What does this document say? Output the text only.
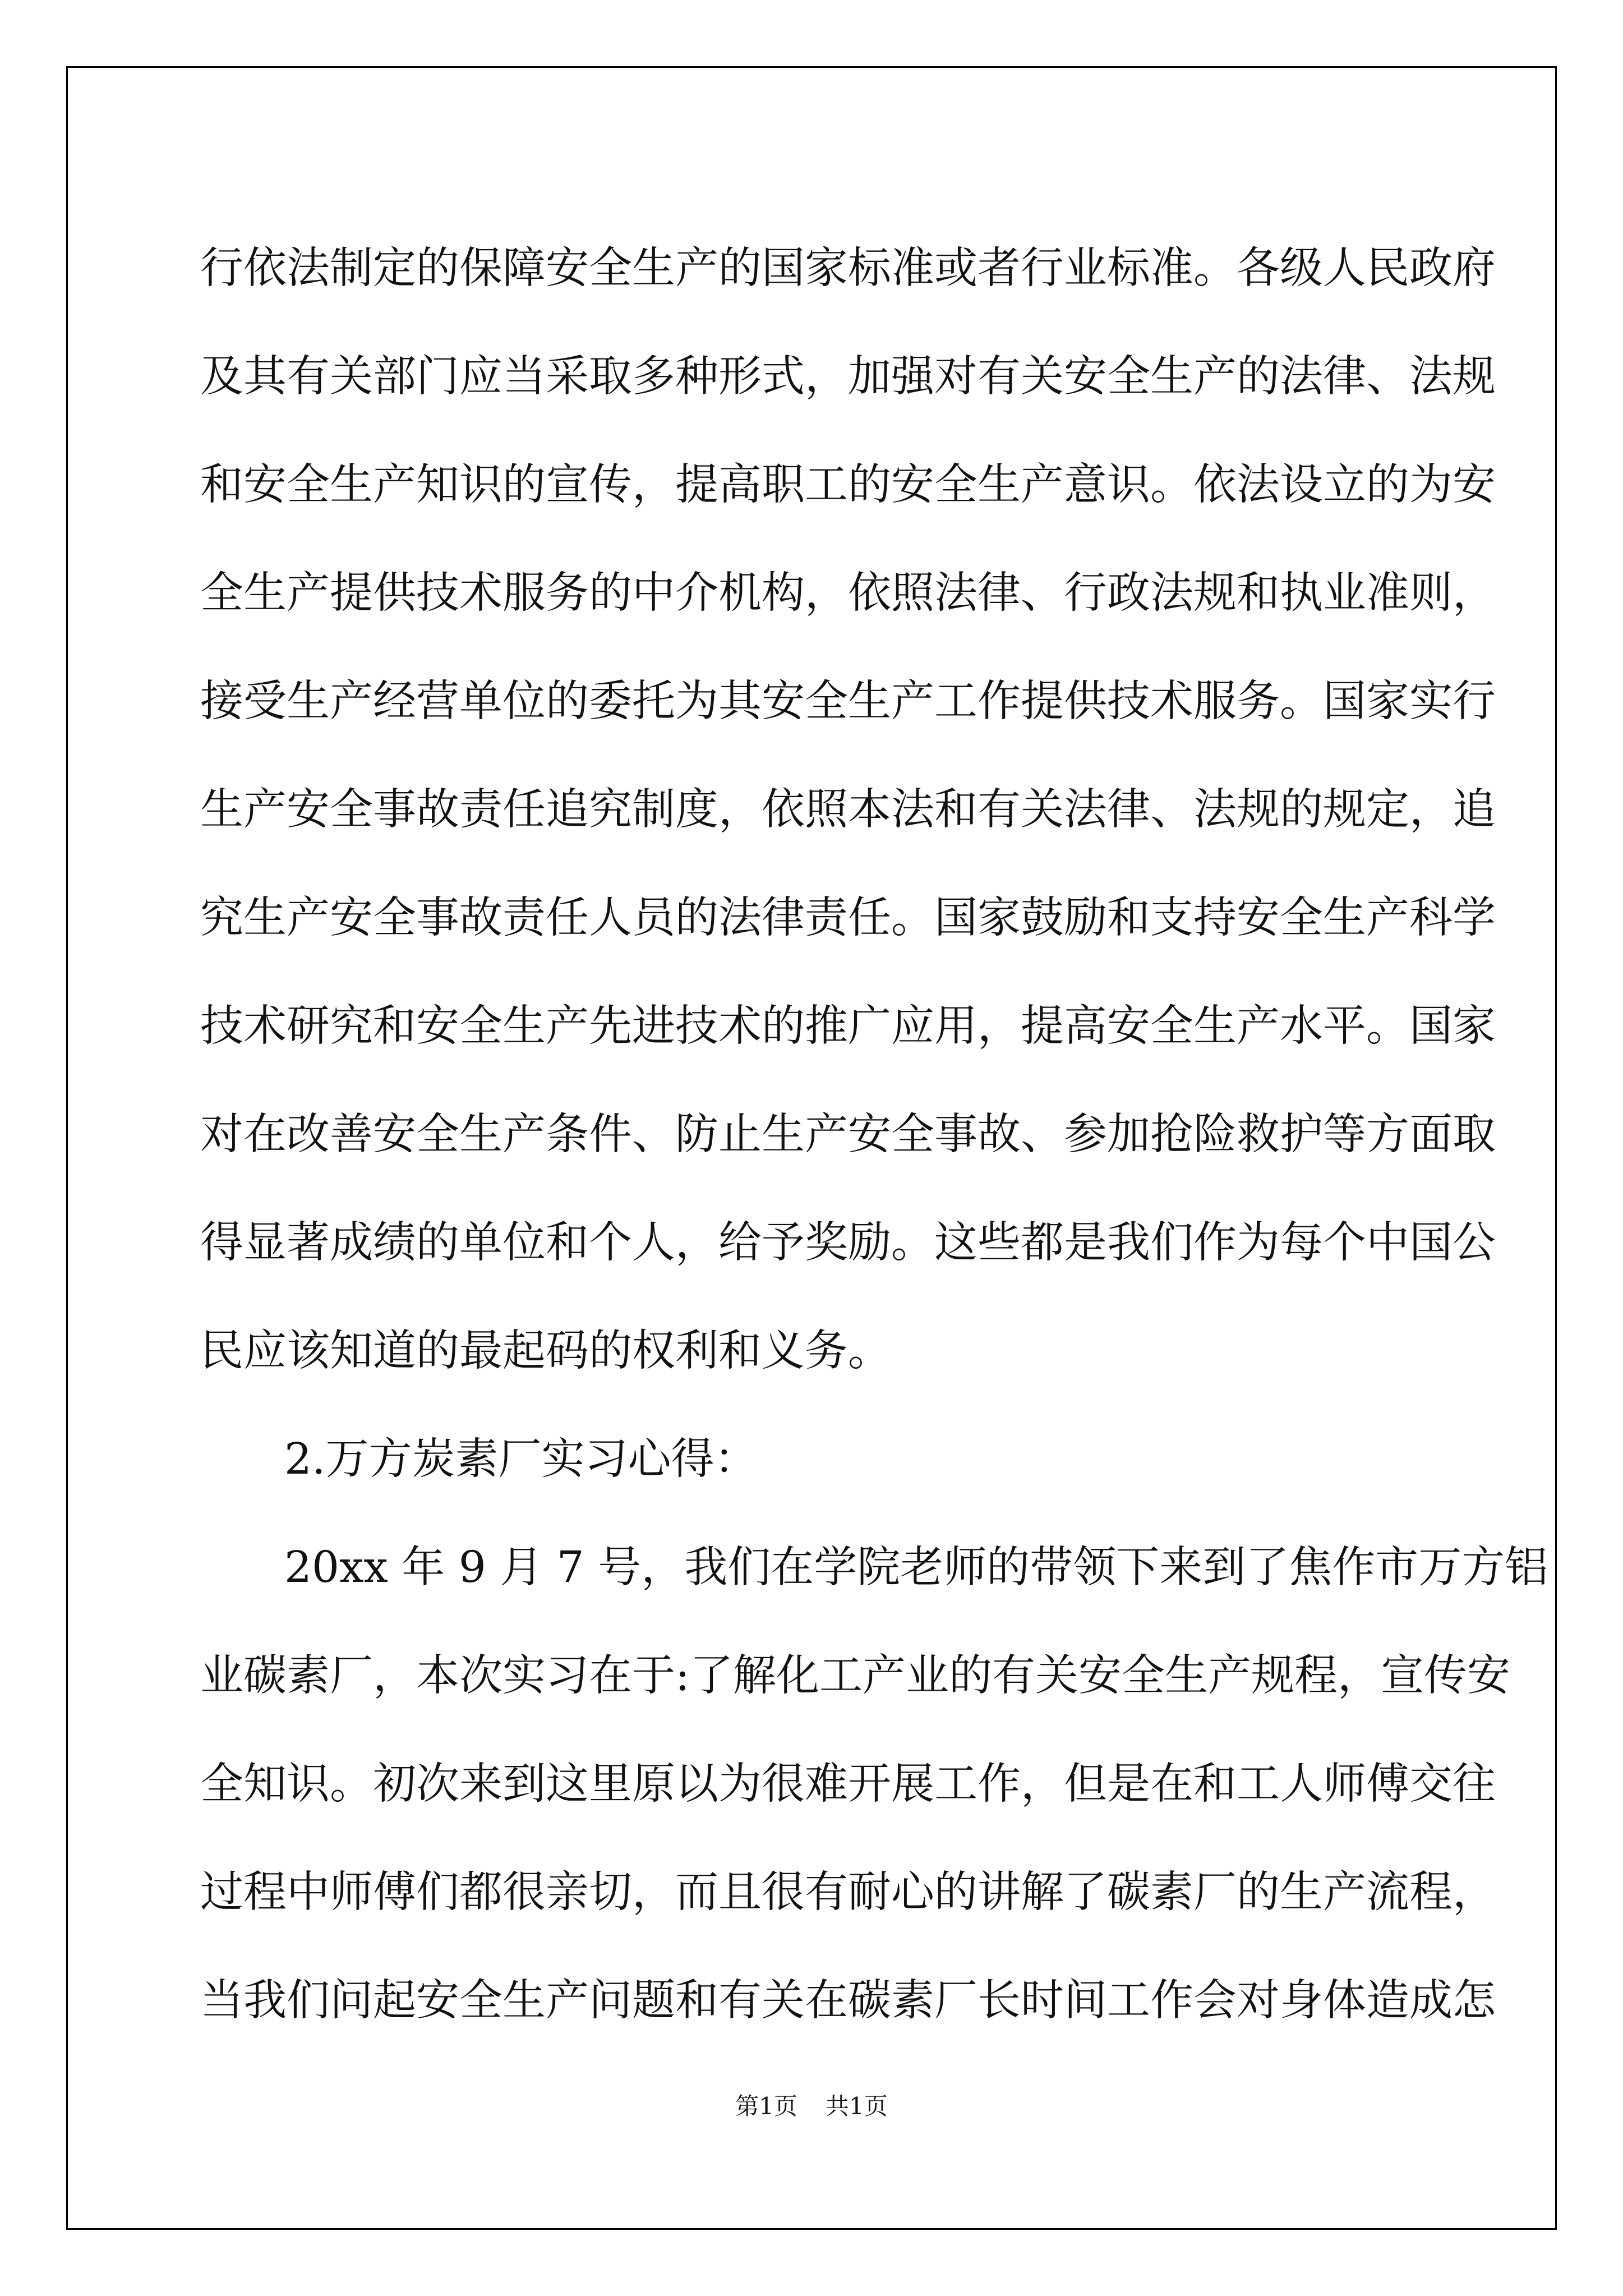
行依法制定的保障安全生产的国家标准或者行业标准。各级人民政府
及其有关部门应当采取多种形式，加强对有关安全生产的法律、法规
和安全生产知识的宣传，提高职工的安全生产意识。依法设立的为安
全生产提供技术服务的中介机构，依照法律、行政法规和执业准则，
接受生产经营单位的委托为其安全生产工作提供技术服务。国家实行
生产安全事故责任追究制度，依照本法和有关法律、法规的规定，追
究生产安全事故责任人员的法律责任。国家鼓励和支持安全生产科学
技术研究和安全生产先进技术的推广应用，提高安全生产水平。国家
对在改善安全生产条件、防止生产安全事故、参加抢险救护等方面取
得显著成绩的单位和个人，给予奖励。这些都是我们作为每个中国公
民应该知道的最起码的权利和义务。
2.万方炭素厂实习心得：
20xx 年 9 月 7 号，我们在学院老师的带领下来到了焦作市万方铝
业碳素厂，本次实习在于:了解化工产业的有关安全生产规程，宣传安
全知识。初次来到这里原以为很难开展工作，但是在和工人师傅交往
过程中师傅们都很亲切，而且很有耐心的讲解了碳素厂的生产流程，
当我们问起安全生产问题和有关在碳素厂长时间工作会对身体造成怎
第1页 共1页
